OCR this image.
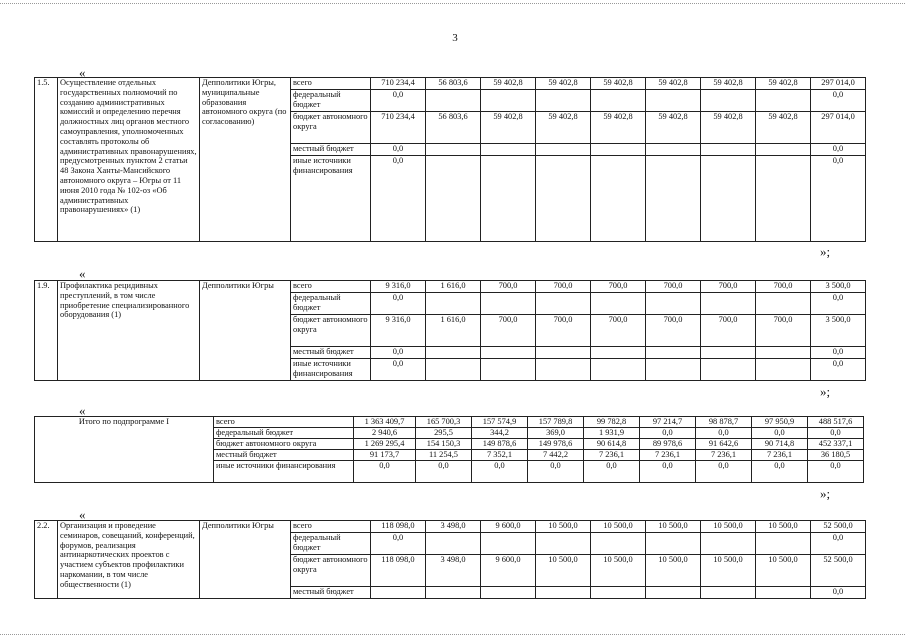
3
«
1.5.	Осуществление отдельных государственных полномочий по созданию административных комиссий и определению перечня должностных лиц органов местного самоуправления, уполномоченных составлять протоколы об административных правонарушениях, предусмотренных пунктом 2 статьи 48 Закона Ханты-Мансийского автономного округа – Югры от 11 июня 2010 года № 102-оз «Об административных правонарушениях» (1)	Депполитики Югры, муниципальные образования автономного округа (по согласованию)	всего	710 234,4	56 803,6	59 402,8	59 402,8	59 402,8	59 402,8	59 402,8	59 402,8	297 014,0
			федеральный бюджет	0,0								0,0
			бюджет автономного округа	710 234,4	56 803,6	59 402,8	59 402,8	59 402,8	59 402,8	59 402,8	59 402,8	297 014,0
			местный бюджет	0,0								0,0
			иные источники финансирования	0,0								0,0
»;
«
1.9.	Профилактика рецидивных преступлений, в том числе приобретение специализированного оборудования (1)	Депполитики Югры	всего	9 316,0	1 616,0	700,0	700,0	700,0	700,0	700,0	700,0	3 500,0
			федеральный бюджет	0,0								0,0
			бюджет автономного округа	9 316,0	1 616,0	700,0	700,0	700,0	700,0	700,0	700,0	3 500,0
			местный бюджет	0,0								0,0
			иные источники финансирования	0,0								0,0
»;
«
Итого по подпрограмме I	всего	1 363 409,7	165 700,3	157 574,9	157 789,8	99 782,8	97 214,7	98 878,7	97 950,9	488 517,6
	федеральный бюджет	2 940,6	295,5	344,2	369,0	1 931,9	0,0	0,0	0,0	0,0
	бюджет автономного округа	1 269 295,4	154 150,3	149 878,6	149 978,6	90 614,8	89 978,6	91 642,6	90 714,8	452 337,1
	местный бюджет	91 173,7	11 254,5	7 352,1	7 442,2	7 236,1	7 236,1	7 236,1	7 236,1	36 180,5
	иные источники финансирования	0,0	0,0	0,0	0,0	0,0	0,0	0,0	0,0	0,0
»;
«
2.2.	Организация и проведение семинаров, совещаний, конференций, форумов, реализация антинаркотических проектов с участием субъектов профилактики наркомании, в том числе общественности (1)	Депполитики Югры	всего	118 098,0	3 498,0	9 600,0	10 500,0	10 500,0	10 500,0	10 500,0	10 500,0	52 500,0
			федеральный бюджет	0,0								0,0
			бюджет автономного округа	118 098,0	3 498,0	9 600,0	10 500,0	10 500,0	10 500,0	10 500,0	10 500,0	52 500,0
			местный бюджет									0,0
